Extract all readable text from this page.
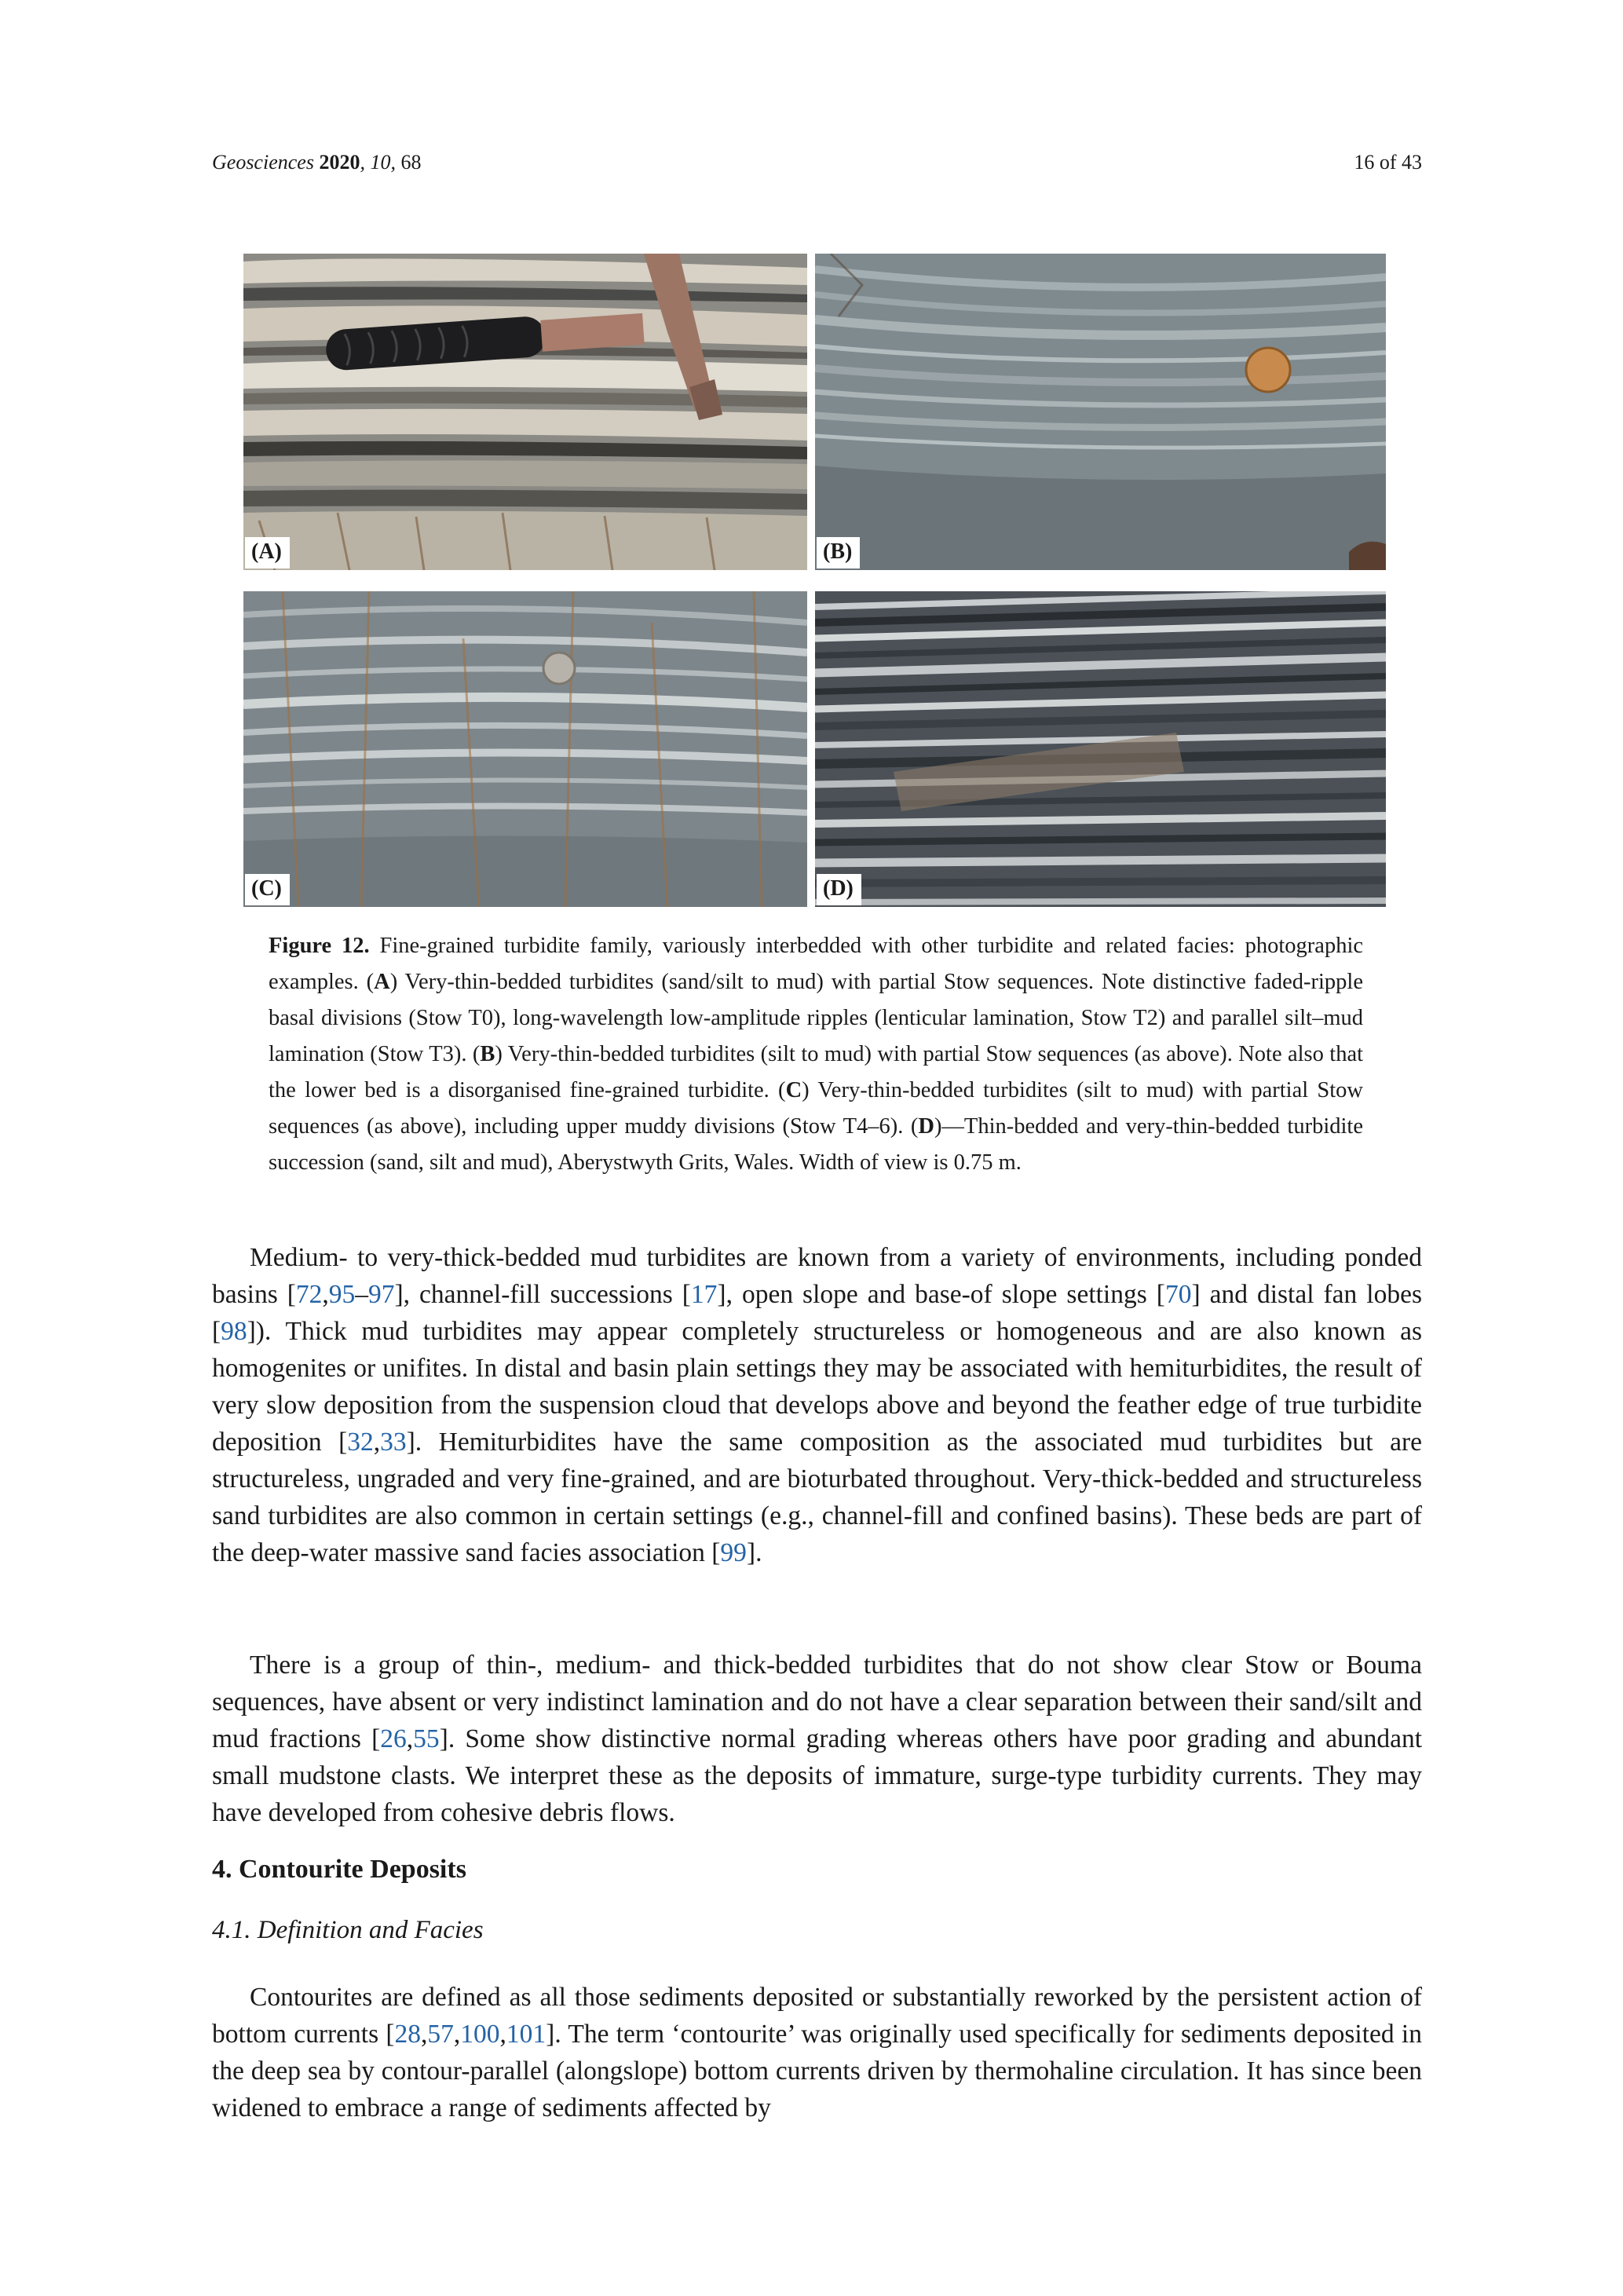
Geosciences 2020, 10, 68	16 of 43
(A)	(B)
(C)	(D)
Figure 12. Fine-grained turbidite family, variously interbedded with other turbidite and related facies: photographic examples. (A) Very-thin-bedded turbidites (sand/silt to mud) with partial Stow sequences. Note distinctive faded-ripple basal divisions (Stow T0), long-wavelength low-amplitude ripples (lenticular lamination, Stow T2) and parallel silt–mud lamination (Stow T3). (B) Very-thin-bedded turbidites (silt to mud) with partial Stow sequences (as above). Note also that the lower bed is a disorganised fine-grained turbidite. (C) Very-thin-bedded turbidites (silt to mud) with partial Stow sequences (as above), including upper muddy divisions (Stow T4–6). (D)—Thin-bedded and very-thin-bedded turbidite succession (sand, silt and mud), Aberystwyth Grits, Wales. Width of view is 0.75 m.

Medium- to very-thick-bedded mud turbidites are known from a variety of environments, including ponded basins [72,95–97], channel-fill successions [17], open slope and base-of slope settings [70] and distal fan lobes [98]). Thick mud turbidites may appear completely structureless or homogeneous and are also known as homogenites or unifites. In distal and basin plain settings they may be associated with hemiturbidites, the result of very slow deposition from the suspension cloud that develops above and beyond the feather edge of true turbidite deposition [32,33]. Hemiturbidites have the same composition as the associated mud turbidites but are structureless, ungraded and very fine-grained, and are bioturbated throughout. Very-thick-bedded and structureless sand turbidites are also common in certain settings (e.g., channel-fill and confined basins). These beds are part of the deep-water massive sand facies association [99].

There is a group of thin-, medium- and thick-bedded turbidites that do not show clear Stow or Bouma sequences, have absent or very indistinct lamination and do not have a clear separation between their sand/silt and mud fractions [26,55]. Some show distinctive normal grading whereas others have poor grading and abundant small mudstone clasts. We interpret these as the deposits of immature, surge-type turbidity currents. They may have developed from cohesive debris flows.

4. Contourite Deposits
4.1. Definition and Facies

Contourites are defined as all those sediments deposited or substantially reworked by the persistent action of bottom currents [28,57,100,101]. The term ‘contourite’ was originally used specifically for sediments deposited in the deep sea by contour-parallel (alongslope) bottom currents driven by thermohaline circulation. It has since been widened to embrace a range of sediments affected by
